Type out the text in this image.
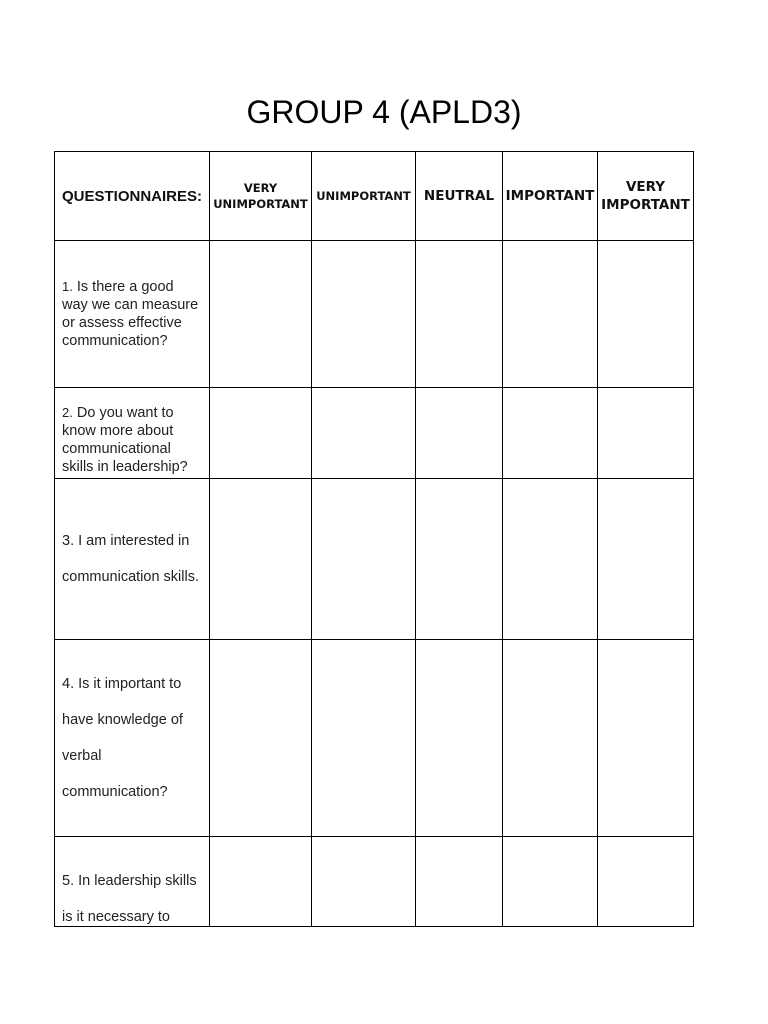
GROUP 4 (APLD3)
QUESTIONNAIRES:	VERY UNIMPORTANT	UNIMPORTANT	NEUTRAL	IMPORTANT	VERY IMPORTANT
1. Is there a good way we can measure or assess effective communication?					

2. Do you want to know more about communicational skills in leadership?					

3. I am interested in communication skills.					
4. Is it important to have knowledge of verbal communication?					

5. In leadership skills is it necessary to					
